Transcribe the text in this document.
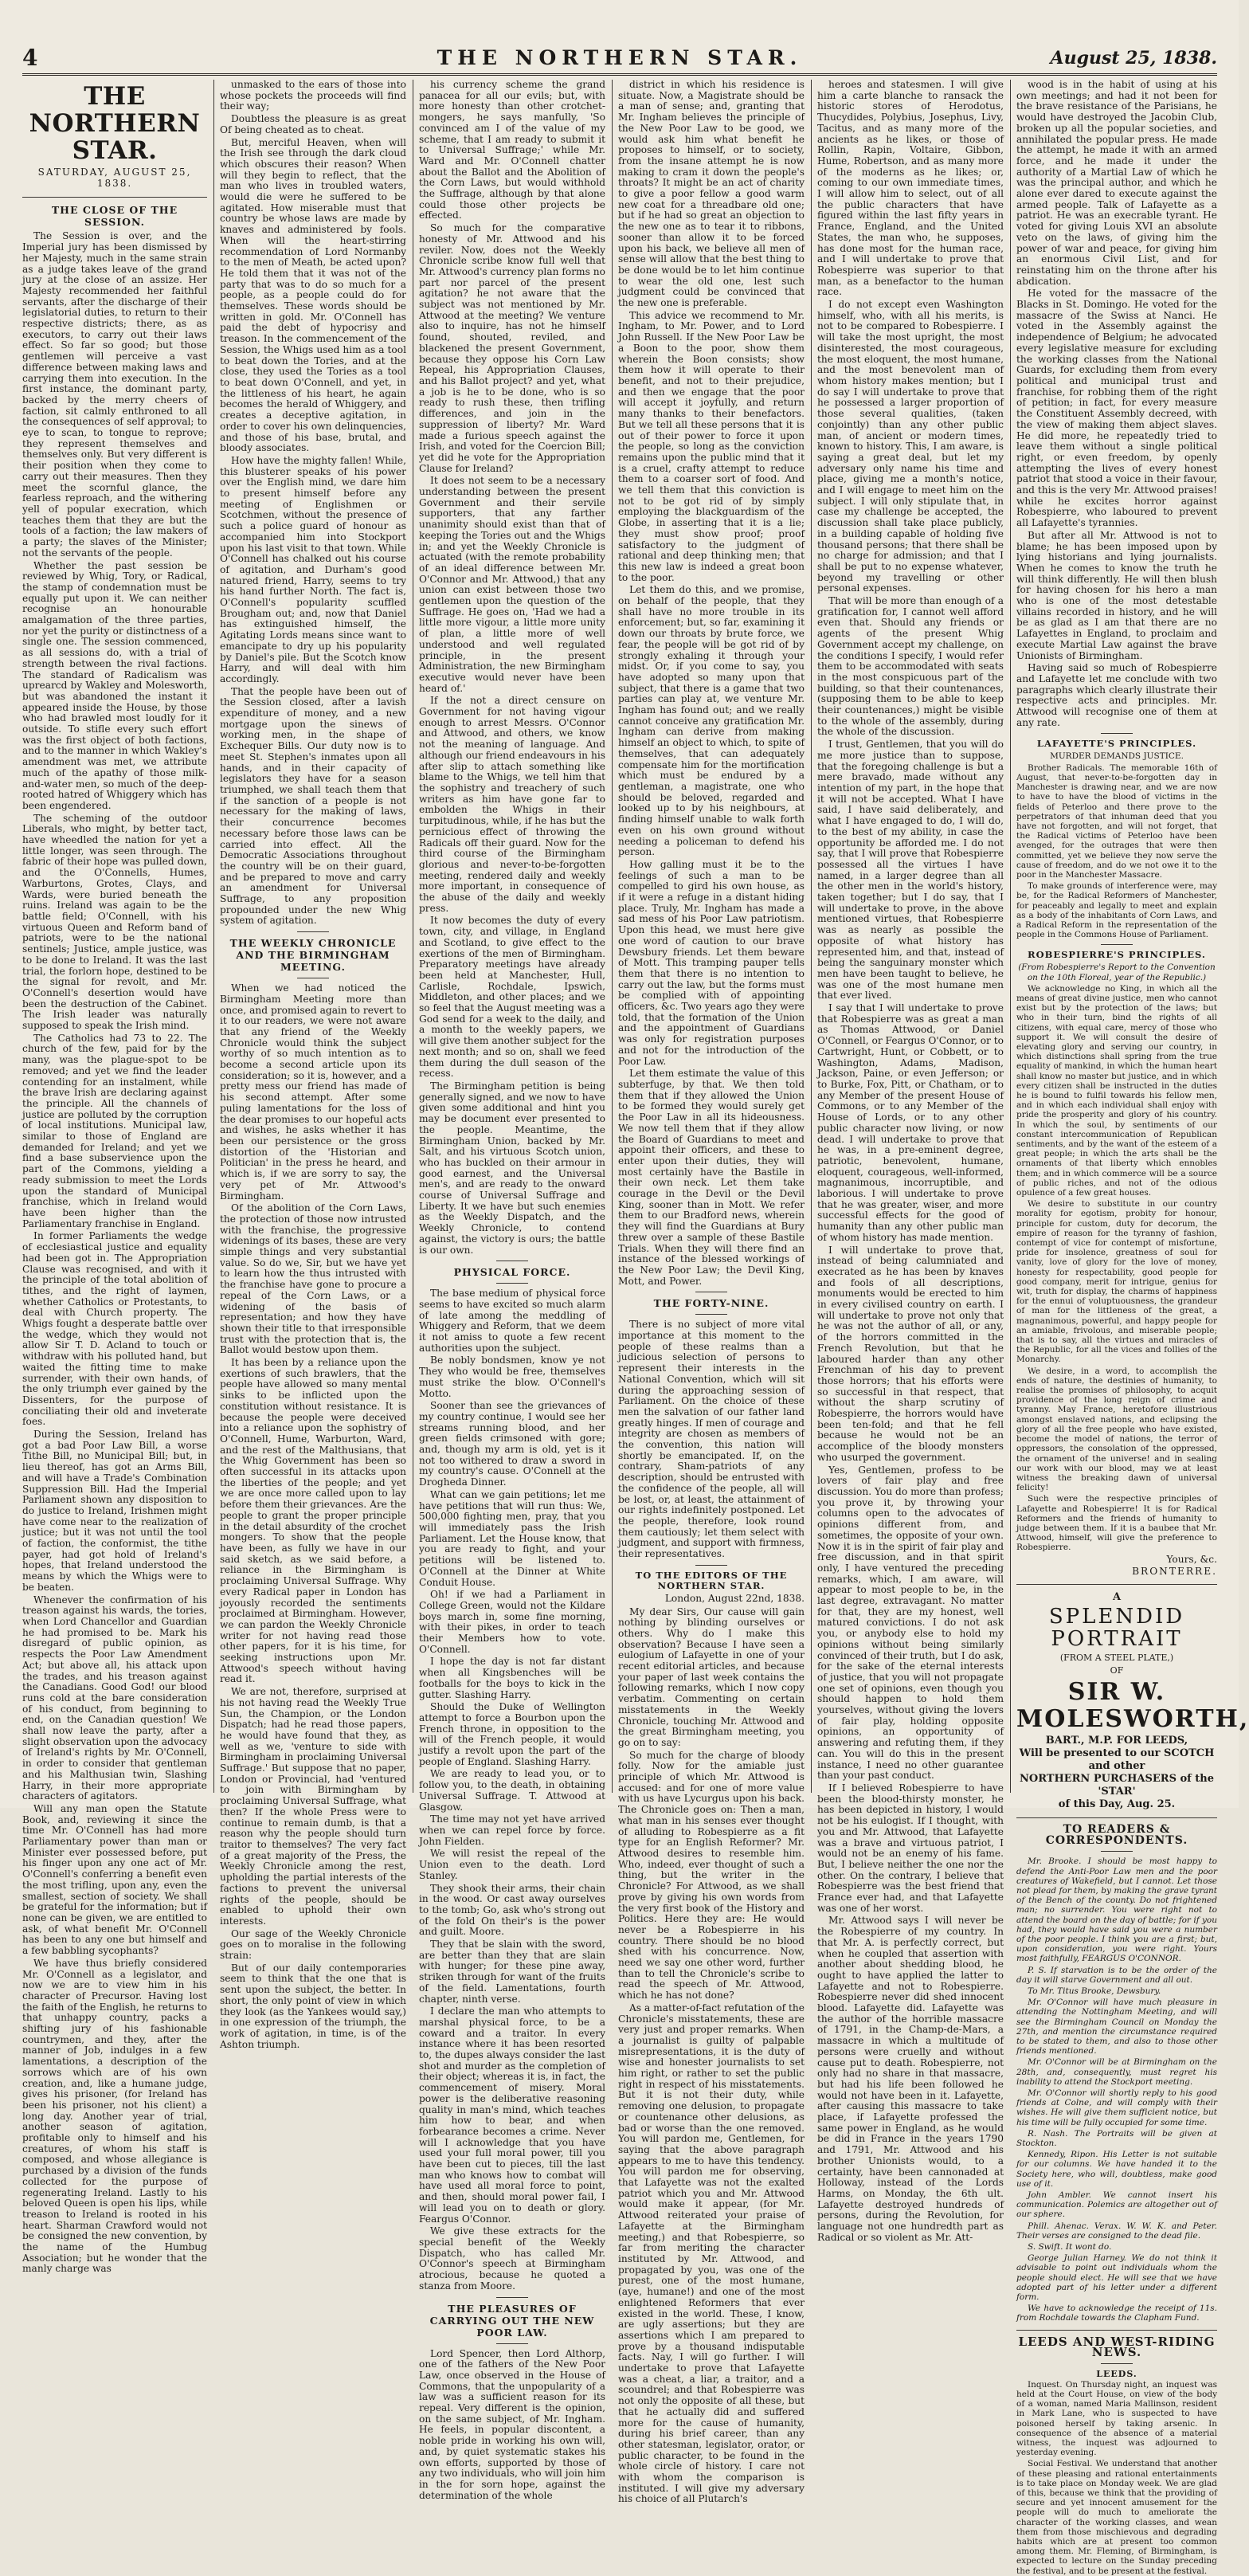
4	THE NORTHERN STAR.	August 25, 1838.
THE NORTHERN STAR.
SATURDAY, AUGUST 25, 1838.
THE CLOSE OF THE SESSION.

The Session is over, and the Imperial jury has been dismissed by her Majesty, much in the same strain as a judge takes leave of the grand jury at the close of an assize. Her Majesty recommended her faithful servants, after the discharge of their legislatorial duties, to return to their respective districts; there, as as executors, to carry out their laws effect. So far so good; but those gentlemen will perceive a vast difference between making laws and carrying them into execution. In the first instance, the dominant party, backed by the merry cheers of faction, sit calmly enthroned to all the consequences of self approval; to eye to scan, to tongue to reprove; they represent themselves and themselves only. But very different is their position when they come to carry out their measures. Then they meet the scornful glance, the fearless reproach, and the withering yell of popular execration, which teaches them that they are but the tools of a faction; the law makers of a party; the slaves of the Minister; not the servants of the people.

Whether the past session be reviewed by Whig, Tory, or Radical, the stamp of condemnation must be equally put upon it. We can neither recognise an honourable amalgamation of the three parties, nor yet the purity or distinctness of a single one. The session commenced, as all sessions do, with a trial of strength between the rival factions. The standard of Radicalism was uprearcd by Wakley and Molesworth, but was abandoned the instant it appeared inside the House, by those who had brawled most loudly for it outside. To stifle every such effort was the first object of both factions, and to the manner in which Wakley's amendment was met, we attribute much of the apathy of those milk-and-water men, so much of the deep-rooted hatred of Whiggery which has been engendered.

The scheming of the outdoor Liberals, who might, by better tact, have wheedled the nation for yet a little longer, was seen through. The fabric of their hope was pulled down, and the O'Connells, Humes, Warburtons, Grotes, Clays, and Wards, were buried beneath the ruins. Ireland was again to be the battle field; O'Connell, with his virtuous Queen and Reform band of patriots, were to be the national sentinels; Justice, ample justice, was to be done to Ireland. It was the last trial, the forlorn hope, destined to be the signal for revolt, and Mr. O'Connell's desertion would have been the destruction of the Cabinet. The Irish leader was naturally supposed to speak the Irish mind.

The Catholics had 73 to 22. The church of the few, paid for by the many, was the plague-spot to be removed; and yet we find the leader contending for an instalment, while the brave Irish are declaring against the principle. All the channels of justice are polluted by the corruption of local institutions. Municipal law, similar to those of England are demanded for Ireland; and yet we find a base subservience upon the part of the Commons, yielding a ready submission to meet the Lords upon the standard of Municipal franchise, which in Ireland would have been higher than the Parliamentary franchise in England.

In former Parliaments the wedge of ecclesiastical justice and equality had been got in. The Appropriation Clause was recognised, and with it the principle of the total abolition of tithes, and the right of laymen, whether Catholics or Protestants, to deal with Church property. The Whigs fought a desperate battle over the wedge, which they would not allow Sir T. D. Acland to touch or withdraw with his polluted hand, but waited the fitting time to make surrender, with their own hands, of the only triumph ever gained by the Dissenters, for the purpose of conciliating their old and inveterate foes.

During the Session, Ireland has got a bad Poor Law Bill, a worse Tithe Bill, no Municipal Bill; but, in lieu thereof, has got an Arms Bill, and will have a Trade's Combination Suppression Bill. Had the Imperial Parliament shown any disposition to do justice to Ireland, Irishmen might have come near to the realization of justice; but it was not until the tool of faction, the conformist, the tithe payer, had got hold of Ireland's hopes, that Ireland understood the means by which the Whigs were to be beaten.

Whenever the confirmation of his treason against his wards, the tories, when Lord Chancellor and Guardian he had promised to be. Mark his disregard of public opinion, as respects the Poor Law Amendment Act; but above all, his attack upon the trades, and his treason against the Canadians. Good God! our blood runs cold at the bare consideration of his conduct, from beginning to end, on the Canadian question! We shall now leave the party, after a slight observation upon the advocacy of Ireland's rights by Mr. O'Connell, in order to consider that gentleman and his Malthusian twin, Slashing Harry, in their more appropriate characters of agitators.

Will any man open the Statute Book, and, reviewing it since the time Mr. O'Connell has had more Parliamentary power than man or Minister ever possessed before, put his finger upon any one act of Mr. O'Connell's conferring a benefit even the most trifling, upon any, even the smallest, section of society. We shall be grateful for the information; but if none can be given, we are entitled to ask, of what benefit Mr. O'Connell has been to any one but himself and a few babbling sycophants?

We have thus briefly considered Mr. O'Connell as a legislator, and now we are to view him in his character of Precursor. Having lost the faith of the English, he returns to that unhappy country, packs a shifting jury of his fashionable countrymen, and they, after the manner of Job, indulges in a few lamentations, a description of the sorrows which are of his own creation, and, like a humane judge, gives his prisoner, (for Ireland has been his prisoner, not his client) a long day. Another year of trial, another season of agitation, profitable only to himself and his creatures, of whom his staff is composed, and whose allegiance is purchased by a division of the funds collected for the purpose of regenerating Ireland. Lastly to his beloved Queen is open his lips, while treason to Ireland is rooted in his heart. Sharman Crawford would not be consigned the new convention, by the name of the Humbug Association; but he wonder that the manly charge was

unmasked to the ears of those into whose pockets the proceeds will find their way;

Doubtless the pleasure is as great Of being cheated as to cheat.

But, merciful Heaven, when will the Irish see through the dark cloud which obscures their reason? When will they begin to reflect, that the man who lives in troubled waters, would die were he suffered to be agitated. How miserable must that country be whose laws are made by knaves and administered by fools. When will the heart-stirring recommendation of Lord Normanby to the men of Meath, be acted upon? He told them that it was not of the party that was to do so much for a people, as a people could do for themselves. These words should be written in gold. Mr. O'Connell has paid the debt of hypocrisy and treason. In the commencement of the Session, the Whigs used him as a tool to beat down the Tories, and at the close, they used the Tories as a tool to beat down O'Connell, and yet, in the littleness of his heart, he again becomes the herald of Whiggery, and creates a deceptive agitation, in order to cover his own delinquencies, and those of his base, brutal, and bloody associates.

How have the mighty fallen! While, this blusterer speaks of his power over the English mind, we dare him to present himself before any meeting of Englishmen or Scotchmen, without the presence of such a police guard of honour as accompanied him into Stockport upon his last visit to that town. While O'Connell has chalked out his course of agitation, and Durham's good natured friend, Harry, seems to try his hand further North. The fact is, O'Connell's popularity scuffled Brougham out; and, now that Daniel has extinguished himself, the Agitating Lords means since want to emancipate to dry up his popularity by Daniel's pile. But the Scotch know Harry, and will deal with him accordingly.

That the people have been out of the Session closed, after a lavish expenditure of money, and a new mortgage upon the sinews of working men, in the shape of Exchequer Bills. Our duty now is to meet St. Stephen's inmates upon all hands, and in their capacity of legislators they have for a season triumphed, we shall teach them that if the sanction of a people is not necessary for the making of laws, their concurrence becomes necessary before those laws can be carried into effect. All the Democratic Associations throughout the country will be on their guard, and be prepared to move and carry an amendment for Universal Suffrage, to any proposition propounded under the new Whig system of agitation.

THE WEEKLY CHRONICLE AND THE BIRMINGHAM MEETING.

When we had noticed the Birmingham Meeting more than once, and promised again to revert to it to our readers, we were not aware that any friend of the Weekly Chronicle would think the subject worthy of so much intention as to become a second article upon its consideration; so it is, however, and a pretty mess our friend has made of his second attempt. After some puling lamentations for the loss of the dear promises to our hopeful acts and wishes, he asks whether it has been our persistence or the gross distortion of the 'Historian and Politician' in the press he heard, and which is, if we are sorry to say, the very pet of Mr. Attwood's Birmingham.

Of the abolition of the Corn Laws, the protection of those now intrusted with the franchise, the progressive widenings of its bases, these are very simple things and very substantial value. So do we, Sir, but we have yet to learn how the thus intrusted with the franchise have gone to procure a repeal of the Corn Laws, or a widening of the basis of representation; and how they have shown their title to that irresponsible trust with the protection that is, the Ballot would bestow upon them.

It has been by a reliance upon the exertions of such brawlers, that the people have allowed so many mental sinks to be inflicted upon the constitution without resistance. It is because the people were deceived into a reliance upon the sophistry of O'Connell, Hume, Warburton, Ward, and the rest of the Malthusians, that the Whig Government has been so often successful in its attacks upon the liberties of the people; and yet we are once more called upon to lay before them their grievances. Are the people to grant the proper principle in the detail absurdity of the crochet mongers. To show that the people have been, as fully we have in our said sketch, as we said before, a reliance in the Birmingham is proclaiming Universal Suffrage. Why every Radical paper in London has joyously recorded the sentiments proclaimed at Birmingham. However, we can pardon the Weekly Chronicle writer for not having read those other papers, for it is his time, for seeking instructions upon Mr. Attwood's speech without having read it.

We are not, therefore, surprised at his not having read the Weekly True Sun, the Champion, or the London Dispatch; had he read those papers, he would have found that they, as well as we, 'venture to side with Birmingham in proclaiming Universal Suffrage.' But suppose that no paper, London or Provincial, had 'ventured to join with Birmingham by proclaiming Universal Suffrage, what then? If the whole Press were to continue to remain dumb, is that a reason why the people should turn traitor to themselves? The very fact of a great majority of the Press, the Weekly Chronicle among the rest, upholding the partial interests of the factions to prevent the universal rights of the people, should be enabled to uphold their own interests.

Our sage of the Weekly Chronicle goes on to moralise in the following strain:

But of our daily contemporaries seem to think that the one that is sent upon the subject, the better. In short, the only point of view in which they look (as the Yankees would say,) in one expression of the triumph, the work of agitation, in time, is of the Ashton triumph.

his currency scheme the grand panacea for all our evils; but, with more honesty than other crotchet-mongers, he says manfully, 'So convinced am I of the value of my scheme, that I am ready to submit it to Universal Suffrage;' while Mr. Ward and Mr. O'Connell chatter about the Ballot and the Abolition of the Corn Laws, but would withhold the Suffrage, although by that alone could those other projects be effected.

So much for the comparative honesty of Mr. Attwood and his reviler. Now, does not the Weekly Chronicle scribe know full well that Mr. Attwood's currency plan forms no part nor parcel of the present agitation? he not aware that the subject was not mentioned by Mr. Attwood at the meeting? We venture also to inquire, has not he himself found, shouted, reviled, and blackened the present Government, because they oppose his Corn Law Repeal, his Appropriation Clauses, and his Ballot project? and yet, what a job is he to be done, who is so ready to rush these, then trifling differences, and join in the suppression of liberty? Mr. Ward made a furious speech against the Irish, and voted for the Coercion Bill; yet did he vote for the Appropriation Clause for Ireland?

It does not seem to be a necessary understanding between the present Government and their servile supporters, that any farther unanimity should exist than that of keeping the Tories out and the Whigs in; and yet the Weekly Chronicle is actuated (with the remote probability of an ideal difference between Mr. O'Connor and Mr. Attwood,) that any union can exist between those two gentlemen upon the question of the Suffrage. He goes on, 'Had we had a little more vigour, a little more unity of plan, a little more of well understood and well regulated principle, in the present Administration, the new Birmingham executive would never have been heard of.'

If the not a direct censure on Government for not having vigour enough to arrest Messrs. O'Connor and Attwood, and others, we know not the meaning of language. And although our friend endeavours in his after slip to attach something like blame to the Whigs, we tell him that the sophistry and treachery of such writers as him have gone far to embolden the Whigs in their turpitudinous, while, if he has but the pernicious effect of throwing the Radicals off their guard. Now for the third course of the Birmingham glorious and never-to-be-forgotten meeting, rendered daily and weekly more important, in consequence of the abuse of the daily and weekly press.

It now becomes the duty of every town, city, and village, in England and Scotland, to give effect to the exertions of the men of Birmingham. Preparatory meetings have already been held at Manchester, Hull, Carlisle, Rochdale, Ipswich, Middleton, and other places; and we so feel that the August meeting was a God send for a week to the daily, and a month to the weekly papers, we will give them another subject for the next month; and so on, shall we feed them during the dull season of the recess.

The Birmingham petition is being generally signed, and we now to have given some additional and hint you may be document ever presented to the people. Meantime, the Birmingham Union, backed by Mr. Salt, and his virtuous Scotch union, who has buckled on their armour in good earnest, and the Universal men's, and are ready to the onward course of Universal Suffrage and Liberty. It we have but such enemies as the Weekly Dispatch, and the Weekly Chronicle, to contend against, the victory is ours; the battle is our own.

PHYSICAL FORCE.

The base medium of physical force seems to have excited so much alarm of late among the meddling of Whiggery and Reform, that we deem it not amiss to quote a few recent authorities upon the subject.

Be nobly bondsmen, know ye not They who would be free, themselves must strike the blow. O'Connell's Motto.

Sooner than see the grievances of my country continue, I would see her streams running blood, and her green fields crimsoned with gore; and, though my arm is old, yet is it not too withered to draw a sword in my country's cause. O'Connell at the Drogheda Dinner.

What can we gain petitions; let me have petitions that will run thus: We, 500,000 fighting men, pray, that you will immediately pass the Irish Parliament. Let the House know, that you are ready to fight, and your petitions will be listened to. O'Connell at the Dinner at White Conduit House.

Oh! if we had a Parliament in College Green, would not the Kildare boys march in, some fine morning, with their pikes, in order to teach their Members how to vote. O'Connell.

I hope the day is not far distant when all Kingsbenches will be footballs for the boys to kick in the gutter. Slashing Harry.

Should the Duke of Wellington attempt to force a Bourbon upon the French throne, in opposition to the will of the French people, it would justify a revolt upon the part of the people of England. Slashing Harry.

We are ready to lead you, or to follow you, to the death, in obtaining Universal Suffrage. T. Attwood at Glasgow.

The time may not yet have arrived when we can repel force by force. John Fielden.

We will resist the repeal of the Union even to the death. Lord Stanley.

They shook their arms, their chain in the wood. Or cast away ourselves to the tomb; Go, ask who's strong out of the fold On their's is the power and guilt. Moore.

They that be slain with the sword, are better than they that are slain with hunger; for these pine away, striken through for want of the fruits of the field. Lamentations, fourth chapter, ninth verse.

I declare the man who attempts to marshal physical force, to be a coward and a traitor. In every instance where it has been resorted to, the dupes always consider the last shot and murder as the completion of their object; whereas it is, in fact, the commencement of misery. Moral power is the deliberative reasoning quality in man's mind, which teaches him how to bear, and when forbearance becomes a crime. Never will I acknowledge that you have used your full moral power, till you have been cut to pieces, till the last man who knows how to combat will have used all moral force to point, and then, should moral power fail, I will lead you on to death or glory. Feargus O'Connor.

We give these extracts for the special benefit of the Weekly Dispatch, who has called Mr. O'Connor's speech at Birmingham atrocious, because he quoted a stanza from Moore.

THE PLEASURES OF CARRYING OUT THE NEW POOR LAW.

Lord Spencer, then Lord Althorp, one of the fathers of the New Poor Law, once observed in the House of Commons, that the unpopularity of a law was a sufficient reason for its repeal. Very different is the opinion, on the same subject, of Mr. Ingham. He feels, in popular discontent, a noble pride in working his own will, and, by quiet systematic stakes his own efforts, supported by those of any two individuals, who will join him in the for sorn hope, against the determination of the whole

district in which his residence is situate. Now, a Magistrate should be a man of sense; and, granting that Mr. Ingham believes the principle of the New Poor Law to be good, we would ask him what benefit he proposes to himself, or to society, from the insane attempt he is now making to cram it down the people's throats? It might be an act of charity to give a poor fellow a good warm new coat for a threadbare old one; but if he had so great an objection to the new one as to tear it to ribbons, sooner than allow it to be forced upon his back, we believe all men of sense will allow that the best thing to be done would be to let him continue to wear the old one, lest such judgment could be convinced that the new one is preferable.

This advice we recommend to Mr. Ingham, to Mr. Power, and to Lord John Russell. If the New Poor Law be a Boon to the poor, show them wherein the Boon consists; show them how it will operate to their benefit, and not to their prejudice, and then we engage that the poor will accept it joyfully, and return many thanks to their benefactors. But we tell all these persons that it is out of their power to force it upon the people, so long as the conviction remains upon the public mind that it is a cruel, crafty attempt to reduce them to a coarser sort of food. And we tell them that this conviction is not to be got rid of by simply employing the blackguardism of the Globe, in asserting that it is a lie; they must show proof; proof satisfactory to the judgment of rational and deep thinking men; that this new law is indeed a great boon to the poor.

Let them do this, and we promise, on behalf of the people, that they shall have no more trouble in its enforcement; but, so far, examining it down our throats by brute force, we fear, the people will be got rid of by strongly exhaling it through your midst. Or, if you come to say, you have adopted so many upon that subject, that there is a game that two parties can play at, we venture Mr. Ingham has found out; and we really cannot conceive any gratification Mr. Ingham can derive from making himself an object to which, to spite of themselves, that can adequately compensate him for the mortification which must be endured by a gentleman, a magistrate, one who should be beloved, regarded and looked up to by his neighbours, at finding himself unable to walk forth even on his own ground without needing a policeman to defend his person.

How galling must it be to the feelings of such a man to be compelled to gird his own house, as if it were a refuge in a distant hiding place. Truly, Mr. Ingham has made a sad mess of his Poor Law patriotism. Upon this head, we must here give one word of caution to our brave Dewsbury friends. Let them beware of Mott. This tramping pauper tells them that there is no intention to carry out the law, but the forms must be complied with of appointing officers, &c. Two years ago they were told, that the formation of the Union and the appointment of Guardians was only for registration purposes and not for the introduction of the Poor Law.

Let them estimate the value of this subterfuge, by that. We then told them that if they allowed the Union to be formed they would surely get the Poor Law in all its hideousness. We now tell them that if they allow the Board of Guardians to meet and appoint their officers, and these to enter upon their duties, they will most certainly have the Bastile in their own neck. Let them take courage in the Devil or the Devil King, sooner than in Mott. We refer them to our Bradford news, wherein they will find the Guardians at Bury threw over a sample of these Bastile Trials. When they will there find an instance of the blessed workings of the New Poor Law; the Devil King, Mott, and Power.

THE FORTY-NINE.

There is no subject of more vital importance at this moment to the people of these realms than a judicious selection of persons to represent their interests in the National Convention, which will sit during the approaching session of Parliament. On the choice of these men the salvation of our father land greatly hinges. If men of courage and integrity are chosen as members of the convention, this nation will shortly be emancipated. If, on the contrary, Sham-patriots of any description, should be entrusted with the confidence of the people, all will be lost, or, at least, the attainment of our rights indefinitely postponed. Let the people, therefore, look round them cautiously; let them select with judgment, and support with firmness, their representatives.

TO THE EDITORS OF THE NORTHERN STAR.

London, August 22nd, 1838.

My dear Sirs, Our cause will gain nothing by blinding ourselves or others. Why do I make this observation? Because I have seen a eulogium of Lafayette in one of your recent editorial articles, and because your paper of last week contains the following remarks, which I now copy verbatim. Commenting on certain misstatements in the Weekly Chronicle, touching Mr. Attwood and the great Birmingham meeting, you go on to say:

So much for the charge of bloody folly. Now for the amiable just principle of which Mr. Attwood is accused: and for one of more value with us have Lycurgus upon his back. The Chronicle goes on: Then a man, what man in his senses ever thought of alluding to Robespierre as a fit type for an English Reformer? Mr. Attwood desires to resemble him. Who, indeed, ever thought of such a thing, but the writer in the Chronicle? For Attwood, as we shall prove by giving his own words from the very first book of the History and Politics. Here they are: He would never be a Robespierre in his country. There should be no blood shed with his concurrence. Now, need we say one other word, further than to tell the Chronicle's scribe to read the speech of Mr. Attwood, which he has not done?

As a matter-of-fact refutation of the Chronicle's misstatements, these are very just and proper remarks. When a journalist is guilty of palpable misrepresentations, it is the duty of wise and honester journalists to set him right, or rather to set the public right in respect of his misstatements. But it is not their duty, while removing one delusion, to propagate or countenance other delusions, as bad or worse than the one removed. You will pardon me, Gentlemen, for saying that the above paragraph appears to me to have this tendency. You will pardon me for observing, that Lafayette was not the exalted patriot which you and Mr. Attwood would make it appear, (for Mr. Attwood reiterated your praise of Lafayette at the Birmingham meeting,) and that Robespierre, so far from meriting the character instituted by Mr. Attwood, and propagated by you, was one of the purest, one of the most humane, (aye, humane!) and one of the most enlightened Reformers that ever existed in the world. These, I know, are ugly assertions; but they are assertions which I am prepared to prove by a thousand indisputable facts. Nay, I will go further. I will undertake to prove that Lafayette was a cheat, a liar, a traitor, and a scoundrel; and that Robespierre was not only the opposite of all these, but that he actually did and suffered more for the cause of humanity, during his brief career, than any other statesman, legislator, orator, or public character, to be found in the whole circle of history. I care not with whom the comparison is instituted. I will give my adversary his choice of all Plutarch's

heroes and statesmen. I will give him a carte blanche to ransack the historic stores of Herodotus, Thucydides, Polybius, Josephus, Livy, Tacitus, and as many more of the ancients as he likes, or those of Rollin, Rapin, Voltaire, Gibbon, Hume, Robertson, and as many more of the moderns as he likes; or, coming to our own immediate times, I will allow him to select, out of all the public characters that have figured within the last fifty years in France, England, and the United States, the man who, he supposes, has done most for the human race, and I will undertake to prove that Robespierre was superior to that man, as a benefactor to the human race.

I do not except even Washington himself, who, with all his merits, is not to be compared to Robespierre. I will take the most upright, the most disinterested, the most courageous, the most eloquent, the most humane, and the most benevolent man of whom history makes mention; but I do say I will undertake to prove that he possessed a larger proportion of those several qualities, (taken conjointly) than any other public man, of ancient or modern times, known to history. This, I am aware, is saying a great deal, but let my adversary only name his time and place, giving me a month's notice, and I will engage to meet him on the subject. I will only stipulate that, in case my challenge be accepted, the discussion shall take place publicly, in a building capable of holding five thousand persons; that there shall be no charge for admission; and that I shall be put to no expense whatever, beyond my travelling or other personal expenses.

That will be more than enough of a gratification for, I cannot well afford even that. Should any friends or agents of the present Whig Government accept my challenge, on the conditions I specify, I would refer them to be accommodated with seats in the most conspicuous part of the building, so that their countenances, (supposing them to be able to keep their countenances,) might be visible to the whole of the assembly, during the whole of the discussion.

I trust, Gentlemen, that you will do me more justice than to suppose, that the foregoing challenge is but a mere bravado, made without any intention of my part, in the hope that it will not be accepted. What I have said, I have said deliberately, and what I have engaged to do, I will do, to the best of my ability, in case the opportunity be afforded me. I do not say, that I will prove that Robespierre possessed all the virtues I have named, in a larger degree than all the other men in the world's history, taken together; but I do say, that I will undertake to prove, in the above mentioned virtues, that Robespierre was as nearly as possible the opposite of what history has represented him, and that, instead of being the sanguinary monster which men have been taught to believe, he was one of the most humane men that ever lived.

I say that I will undertake to prove that Robespierre was as great a man as Thomas Attwood, or Daniel O'Connell, or Feargus O'Connor, or to Cartwright, Hunt, or Cobbett, or to Washington, Adams, Madison, Jackson, Paine, or even Jefferson; or to Burke, Fox, Pitt, or Chatham, or to any Member of the present House of Commons, or to any Member of the House of Lords, or to any other public character now living, or now dead. I will undertake to prove that he was, in a pre-eminent degree, patriotic, benevolent, humane, eloquent, courageous, well-informed, magnanimous, incorruptible, and laborious. I will undertake to prove that he was greater, wiser, and more successful effects for the good of humanity than any other public man of whom history has made mention.

I will undertake to prove that, instead of being calumniated and execrated as he has been by knaves and fools of all descriptions, monuments would be erected to him in every civilised country on earth. I will undertake to prove not only that he was not the author of all, or any, of the horrors committed in the French Revolution, but that he laboured harder than any other Frenchman of his day to prevent those horrors; that his efforts were so successful in that respect, that without the sharp scrutiny of Robespierre, the horrors would have been ten-fold; and that he fell because he would not be an accomplice of the bloody monsters who usurped the government.

Yes, Gentlemen, profess to be lovers of fair play and free discussion. You do more than profess; you prove it, by throwing your columns open to the advocates of opinions different from, and sometimes, the opposite of your own. Now it is in the spirit of fair play and free discussion, and in that spirit only, I have ventured the preceding remarks, which, I am aware, will appear to most people to be, in the last degree, extravagant. No matter for that, they are my honest, well matured convictions. I do not ask you, or anybody else to hold my opinions without being similarly convinced of their truth, but I do ask, for the sake of the eternal interests of justice, that you will not propagate one set of opinions, even though you should happen to hold them yourselves, without giving the lovers of fair play, holding opposite opinions, an opportunity of answering and refuting them, if they can. You will do this in the present instance, I need no other guarantee than your past conduct.

If I believed Robespierre to have been the blood-thirsty monster, he has been depicted in history, I would not be his eulogist. If I thought, with you and Mr. Attwood, that Lafayette was a brave and virtuous patriot, I would not be an enemy of his fame. But, I believe neither the one nor the other. On the contrary, I believe that Robespierre was the best friend that France ever had, and that Lafayette was one of her worst.

Mr. Attwood says I will never be the Robespierre of my country. In that Mr. A. is perfectly correct, but when he coupled that assertion with another about shedding blood, he ought to have applied the latter to Lafayette and not to Robespierre. Robespierre never did shed innocent blood. Lafayette did. Lafayette was the author of the horrible massacre of 1791, in the Champ-de-Mars, a massacre in which a multitude of persons were cruelly and without cause put to death. Robespierre, not only had no share in that massacre, but had his life been followed he would not have been in it. Lafayette, after causing this massacre to take place, if Lafayette professed the same power in England, as he would be did in France in the years 1790 and 1791, Mr. Attwood and his brother Unionists would, to a certainty, have been cannonaded at Holloway, instead of the Lords Harms, on Monday, the 6th ult. Lafayette destroyed hundreds of persons, during the Revolution, for language not one hundredth part as Radical or so violent as Mr. Att-

wood is in the habit of using at his own meetings; and had it not been for the brave resistance of the Parisians, he would have destroyed the Jacobin Club, broken up all the popular societies, and annihilated the popular press. He made the attempt, he made it with an armed force, and he made it under the authority of a Martial Law of which he was the principal author, and which he alone ever dared to execute against the armed people. Talk of Lafayette as a patriot. He was an execrable tyrant. He voted for giving Louis XVI an absolute veto on the laws, of giving him the power of war and peace, for giving him an enormous Civil List, and for reinstating him on the throne after his abdication.

He voted for the massacre of the Blacks in St. Domingo. He voted for the massacre of the Swiss at Nanci. He voted in the Assembly against the independence of Belgium; he advocated every legislative measure for excluding the working classes from the National Guards, for excluding them from every political and municipal trust and franchise, for robbing them of the right of petition; in fact, for every measure the Constituent Assembly decreed, with the view of making them abject slaves. He did more, he repeatedly tried to leave them without a single political right, or even freedom, by openly attempting the lives of every honest patriot that stood a voice in their favour, and this is the very Mr. Attwood praises! while he excites horror against Robespierre, who laboured to prevent all Lafayette's tyrannies.

But after all Mr. Attwood is not to blame; he has been imposed upon by lying historians and lying journalists. When he comes to know the truth he will think differently. He will then blush for having chosen for his hero a man who is one of the most detestable villains recorded in history, and he will be as glad as I am that there are no Lafayettes in England, to proclaim and execute Martial Law against the brave Unionists of Birmingham.

Having said so much of Robespierre and Lafayette let me conclude with two paragraphs which clearly illustrate their respective acts and principles. Mr. Attwood will recognise one of them at any rate.

LAFAYETTE'S PRINCIPLES.

MURDER DEMANDS JUSTICE.

Brother Radicals. The memorable 16th of August, that never-to-be-forgotten day in Manchester is drawing near, and we are now to have to have the blood of victims in the fields of Peterloo and there prove to the perpetrators of that inhuman deed that you have not forgotten, and will not forget, that the Radical victims of Peterloo have been avenged, for the outrages that were then committed, yet we believe they now serve the cause of freedom, and do we not owe it to the poor in the Manchester Massacre.

To make grounds of interference were, may be, for the Radical Reformers of Manchester, for peaceably and legally to meet and explain as a body of the inhabitants of Corn Laws, and a Radical Reform in the representation of the people in the Commons House of Parliament.

ROBESPIERRE'S PRINCIPLES.

(From Robespierre's Report to the Convention on the 10th Floreal, year of the Republic.)

We acknowledge no King, in which all the means of great divine justice, men who cannot exist but by the protection of the laws; but who in their turn, bind the rights of all citizens, with equal care, mercy of those who support it. We will consult the desire of elevating glory and serving our country, in which distinctions shall spring from the true equality of mankind, in which the human heart shall know no master but justice, and in which every citizen shall be instructed in the duties he is bound to fulfil towards his fellow men, and in which each individual shall enjoy with pride the prosperity and glory of his country. In which the soul, by sentiments of our constant intercommunication of Republican sentiments, and by the want of the esteem of a great people; in which the arts shall be the ornaments of that liberty which ennobles them; and in which commerce will be a source of public riches, and not of the odious opulence of a few great houses.

We desire to substitute in our country morality for egotism, probity for honour, principle for custom, duty for decorum, the empire of reason for the tyranny of fashion, contempt of vice for contempt of misfortune, pride for insolence, greatness of soul for vanity, love of glory for the love of money, honesty for respectability, good people for good company, merit for intrigue, genius for wit, truth for display, the charms of happiness for the ennui of voluptuousness, the grandeur of man for the littleness of the great, a magnanimous, powerful, and happy people for an amiable, frivolous, and miserable people; that is to say, all the virtues and miracles of the Republic, for all the vices and follies of the Monarchy.

We desire, in a word, to accomplish the ends of nature, the destinies of humanity, to realise the promises of philosophy, to acquit providence of the long reign of crime and tyranny. May France, heretofore illustrious amongst enslaved nations, and eclipsing the glory of all the free people who have existed, become the model of nations, the terror of oppressors, the consolation of the oppressed, the ornament of the universe! and in sealing our work with our blood, may we at least witness the breaking dawn of universal felicity!

Such were the respective principles of Lafayette and Robespierre! It is for Radical Reformers and the friends of humanity to judge between them. If it is a baubee that Mr. Attwood, himself, will give the preference to Robespierre.

Yours, &c.

BRONTERRE.

A
SPLENDID PORTRAIT
(FROM A STEEL PLATE,)
OF
SIR W. MOLESWORTH,
BART., M.P. FOR LEEDS,
Will be presented to our SCOTCH and other
NORTHERN PURCHASERS of the 'STAR'
of this Day, Aug. 25.
TO READERS & CORRESPONDENTS.

Mr. Brooke. I should be most happy to defend the Anti-Poor Law men and the poor creatures of Wakefield, but I cannot. Let those not plead for them, by making the grave tyrant of the Bench of the county. Do not frightened man; no surrender. You were right not to attend the board on the day of battle; for if you had, they would have said you were a number of the poor people. I think you are a first; but, upon consideration, you were right. Yours most faithfully, FEARGUS O'CONNOR.

P. S. If starvation is to be the order of the day it will starve Government and all out.

To Mr. Titus Brooke, Dewsbury.

Mr. O'Connor will have much pleasure in attending the Nottingham Meeting, and will see the Birmingham Council on Monday the 27th, and mention the circumstance required to be stated to them, and also to those other friends mentioned.

Mr. O'Connor will be at Birmingham on the 28th, and, consequently, must regret his inability to attend the Stockport meeting.

Mr. O'Connor will shortly reply to his good friends at Colne, and will comply with their wishes. He will give them sufficient notice, but his time will be fully occupied for some time.

R. Nash. The Portraits will be given at Stockton.

Kennedy, Ripon. His Letter is not suitable for our columns. We have handed it to the Society here, who will, doubtless, make good use of it.

John Ambler. We cannot insert his communication. Polemics are altogether out of our sphere.

Phill. Ahenac. Verax. W. W. K. and Peter. Their verses are consigned to the dead file.

S. Swift. It wont do.

George Julian Harney. We do not think it advisable to point out individuals whom the people should elect. He will see that we have adopted part of his letter under a different form.

We have to acknowledge the receipt of 11s. from Rochdale towards the Clapham Fund.

LEEDS AND WEST-RIDING NEWS.
LEEDS.

Inquest. On Thursday night, an inquest was held at the Court House, on view of the body of a woman, named Maria Mallinson, resident in Mark Lane, who is suspected to have poisoned herself by taking arsenic. In consequence of the absence of a material witness, the inquest was adjourned to yesterday evening.

Social Festival. We understand that another of these pleasing and rational entertainments is to take place on Monday week. We are glad of this, because we think that the providing of secure and yet innocent amusement for the people will do much to ameliorate the character of the working classes, and wean them from those mischievous and degrading habits which are at present too common among them. Mr. Fleming, of Birmingham, is expected to lecture on the Sunday preceding the festival, and to be present at the festival.
